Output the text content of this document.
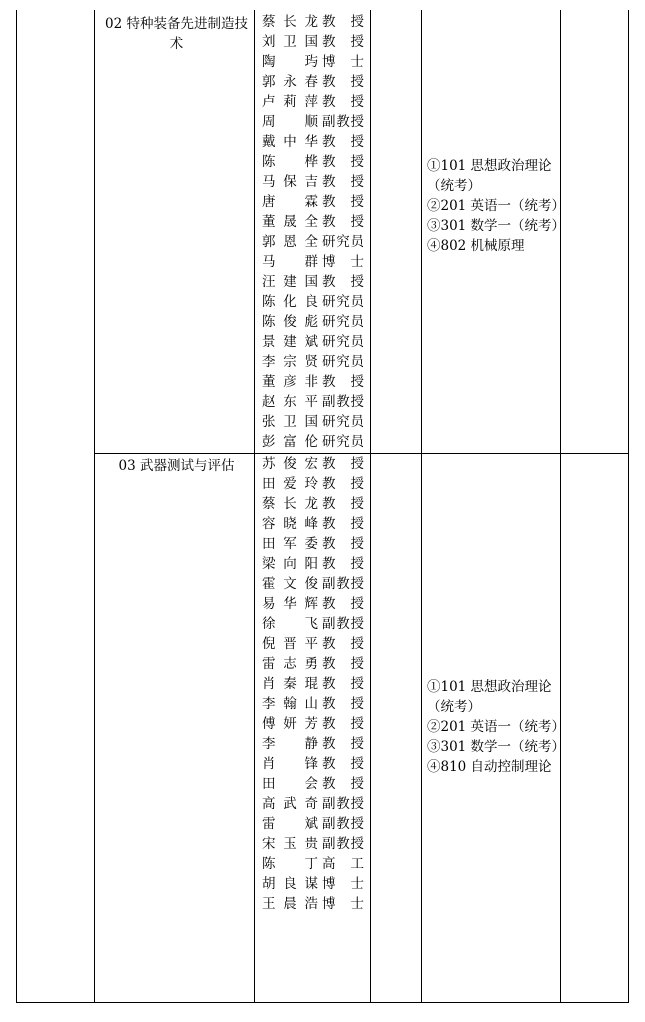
02 特种装备先进制造技术
蔡长龙 教授
刘卫国 教授
陶玙 博士
郭永春 教授
卢莉萍 教授
周顺 副教授
戴中华 教授
陈桦 教授
马保吉 教授
唐霖 教授
董晟全 教授
郭恩全 研究员
马群 博士
汪建国 教授
陈化良 研究员
陈俊彪 研究员
景建斌 研究员
李宗贤 研究员
董彦非 教授
赵东平 副教授
张卫国 研究员
彭富伦 研究员
①101 思想政治理论
（统考）
②201 英语一（统考）
③301 数学一（统考）
④802 机械原理
03 武器测试与评估	苏俊宏 教授
田爱玲 教授
蔡长龙 教授
容晓峰 教授
田军委 教授
梁向阳 教授
霍文俊 副教授
易华辉 教授
徐飞 副教授
倪晋平 教授
雷志勇 教授
肖秦琨 教授
李翰山 教授
傅妍芳 教授
李静 教授
肖锋 教授
田会 教授
高武奇 副教授
雷斌 副教授
宋玉贵 副教授
陈丁 高工
胡良谋 博士
王晨浩 博士
①101 思想政治理论
（统考）
②201 英语一（统考）
③301 数学一（统考）
④810 自动控制理论
